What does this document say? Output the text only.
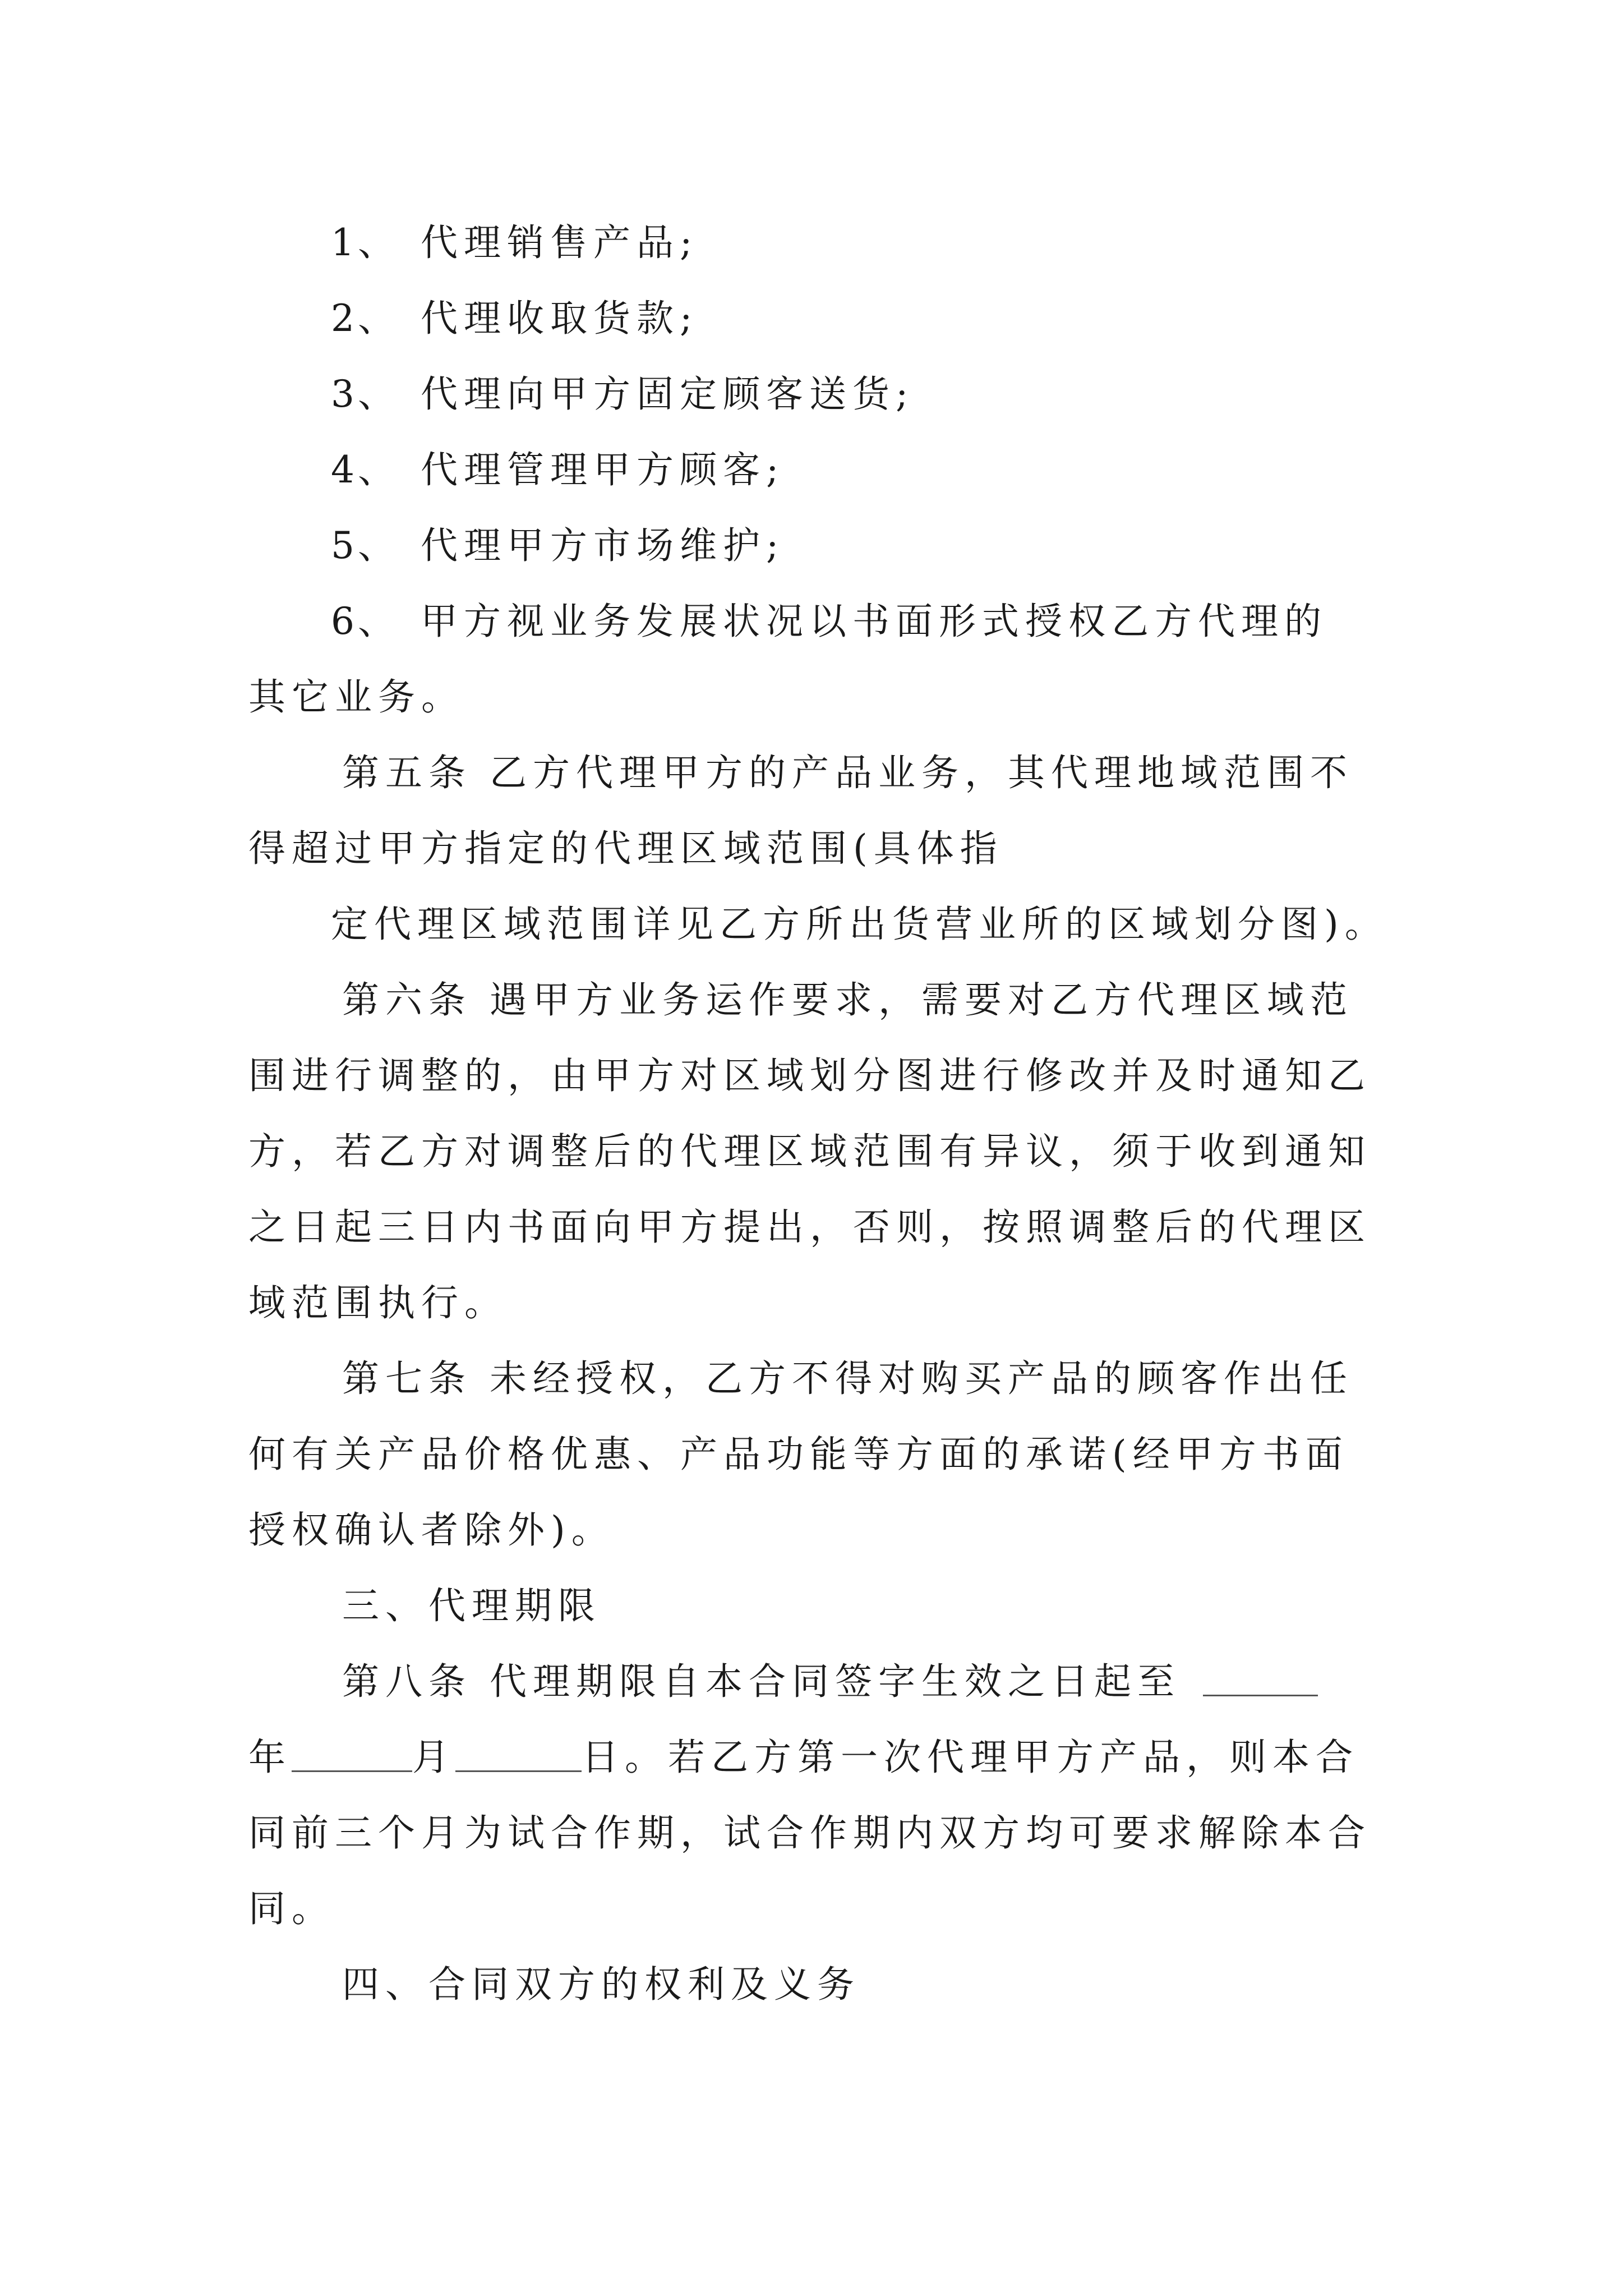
1、 代理销售产品;
2、 代理收取货款;
3、 代理向甲方固定顾客送货;
4、 代理管理甲方顾客;
5、 代理甲方市场维护;
6、 甲方视业务发展状况以书面形式授权乙方代理的
其它业务。
第五条 乙方代理甲方的产品业务，其代理地域范围不
得超过甲方指定的代理区域范围(具体指
定代理区域范围详见乙方所出货营业所的区域划分图)。
第六条 遇甲方业务运作要求，需要对乙方代理区域范
围进行调整的，由甲方对区域划分图进行修改并及时通知乙
方，若乙方对调整后的代理区域范围有异议，须于收到通知
之日起三日内书面向甲方提出，否则，按照调整后的代理区
域范围执行。
第七条 未经授权，乙方不得对购买产品的顾客作出任
何有关产品价格优惠、产品功能等方面的承诺(经甲方书面
授权确认者除外)。
三、代理期限
第八条 代理期限自本合同签字生效之日起至
年	月	日。若乙方第一次代理甲方产品，则本合
同前三个月为试合作期，试合作期内双方均可要求解除本合
同。
四、合同双方的权利及义务
